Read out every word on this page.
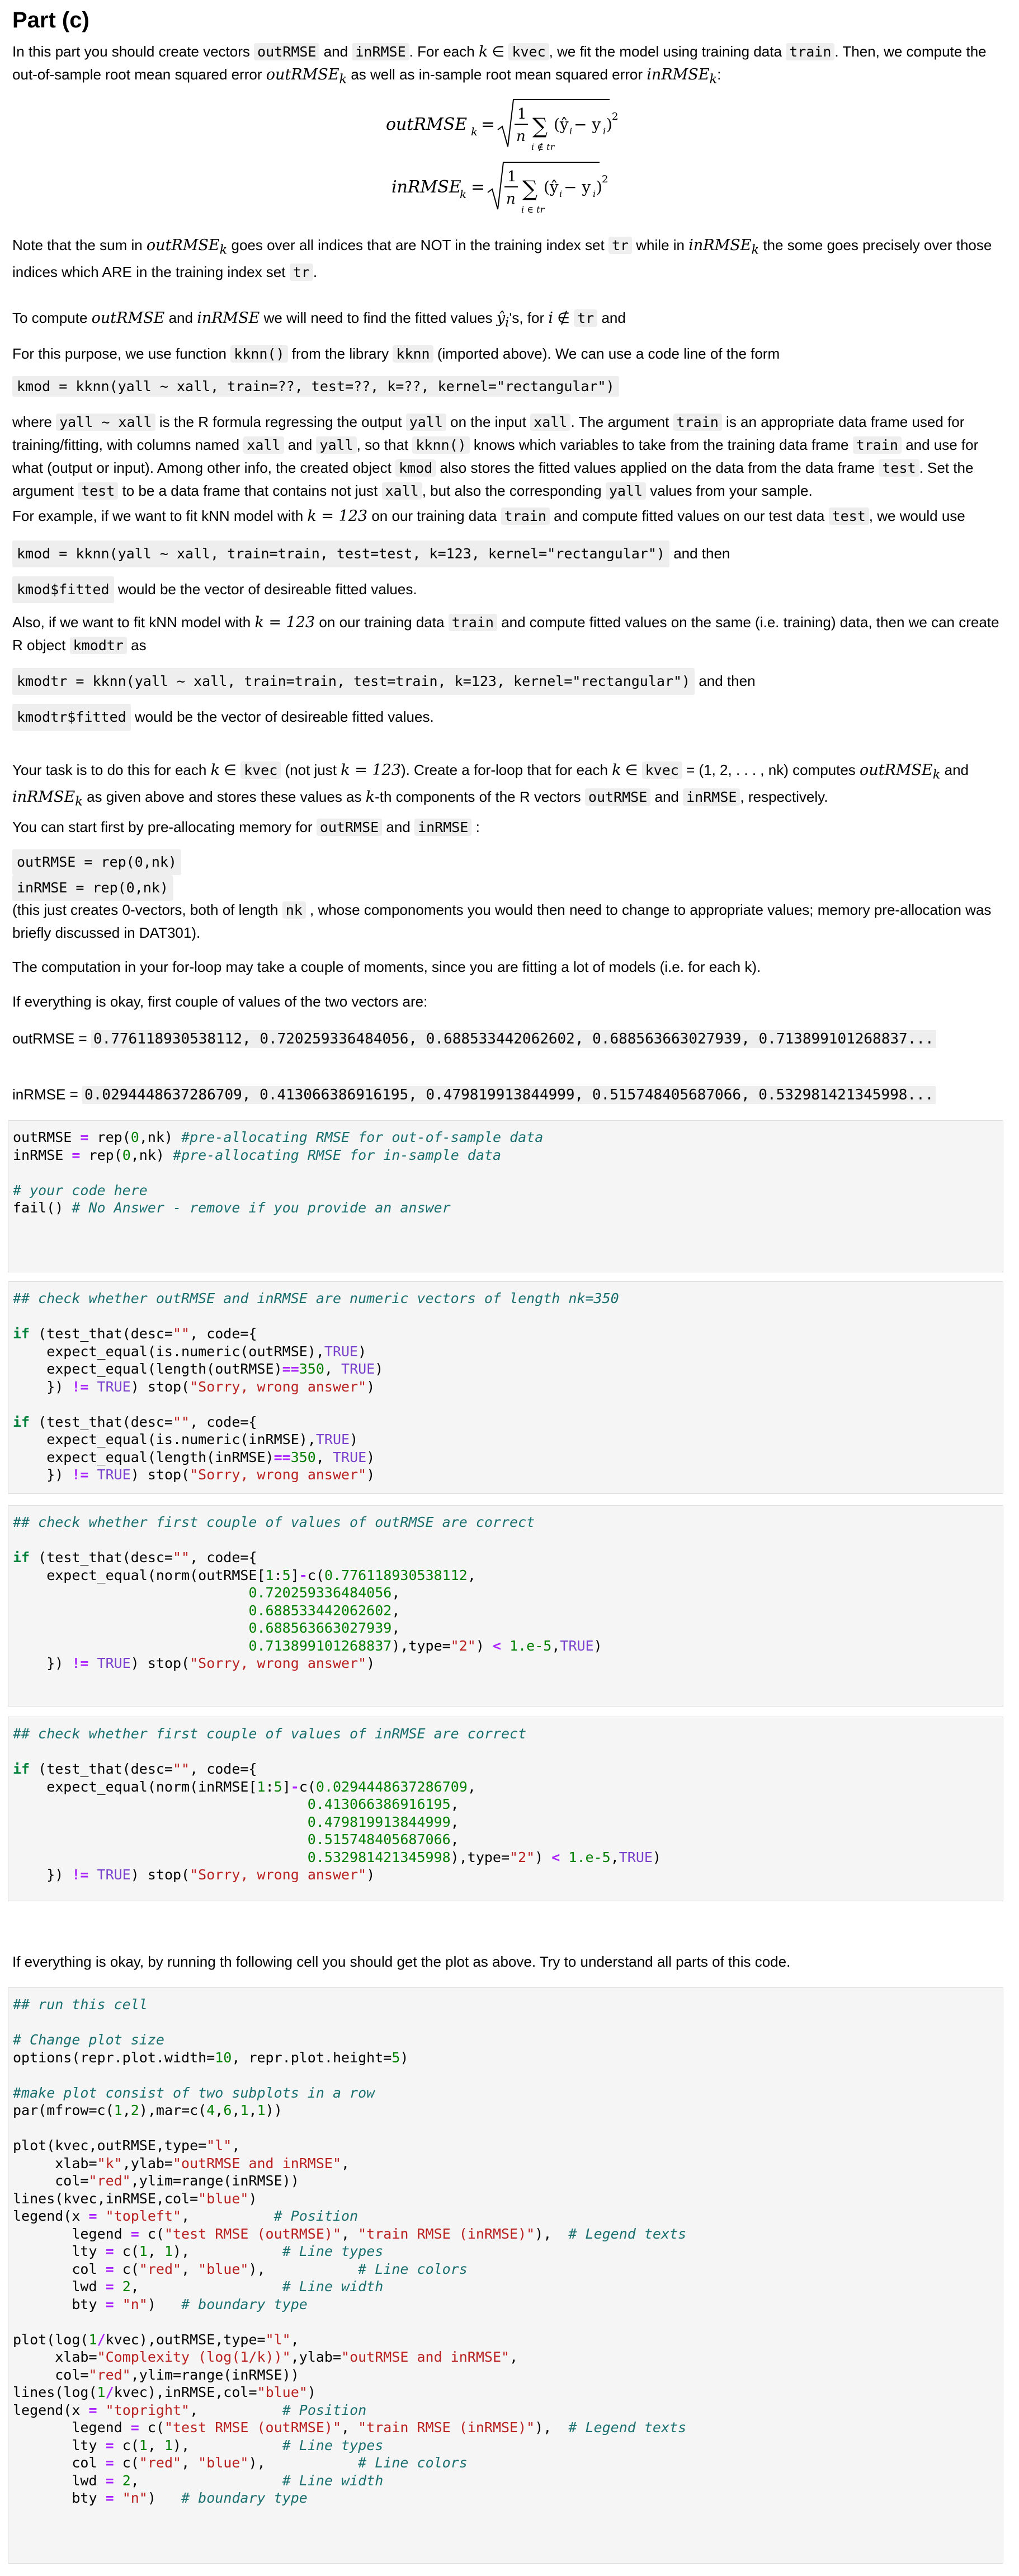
Part (c)
In this part you should create vectors outRMSE and inRMSE . For each k ∈ kvec , we fit the model using training data train . Then, we compute the
out-of-sample root mean squared error outRMSE$_k$ as well as in-sample root mean squared error inRMSE$_k$:
outRMSE k =
1
n ∑
i ∉ tr
(ŷ i − y i ) 2
inRMSE
k =
1
n ∑
i ∈ tr
(ŷ i − y i ) 2
Note that the sum in outRMSE$_k$ goes over all indices that are NOT in the training index set tr while in inRMSE$_k$ the some goes precisely over those
indices which ARE in the training index set tr .
To compute outRMSE and inRMSE we will need to find the fitted values $ŷ_i's$, for i ∉ tr and
For this purpose, we use function kknn() from the library kknn (imported above). We can use a code line of the form
kmod = kknn(yall ~ xall, train=??, test=??, k=??, kernel="rectangular")
where yall ~ xall is the R formula regressing the output yall on the input xall . The argument train is an appropriate data frame used for
training/fitting, with columns named xall and yall , so that kknn() knows which variables to take from the training data frame train and use for
what (output or input). Among other info, the created object kmod also stores the fitted values applied on the data from the data frame test . Set the
argument test to be a data frame that contains not just xall , but also the corresponding yall values from your sample.
For example, if we want to fit kNN model with k = 123 on our training data train and compute fitted values on our test data test , we would use
kmod = kknn(yall ~ xall, train=train, test=test, k=123, kernel="rectangular") and then
kmod$fitted would be the vector of desireable fitted values.
Also, if we want to fit kNN model with k = 123 on our training data train and compute fitted values on the same (i.e. training) data, then we can create
R object kmodtr as
kmodtr = kknn(yall ~ xall, train=train, test=train, k=123, kernel="rectangular") and then
kmodtr$fitted would be the vector of desireable fitted values.
Your task is to do this for each k ∈ kvec (not just k = 123). Create a for-loop that for each k ∈ kvec = (1, 2, . . . , nk) computes outRMSE$_k$ and
inRMSE$_k$ as given above and stores these values as k-th components of the R vectors outRMSE and inRMSE , respectively.
You can start first by pre-allocating memory for outRMSE and inRMSE :
outRMSE = rep(0,nk)
inRMSE = rep(0,nk)
(this just creates 0-vectors, both of length nk , whose componoments you would then need to change to appropriate values; memory pre-allocation was
briefly discussed in DAT301).
The computation in your for-loop may take a couple of moments, since you are fitting a lot of models (i.e. for each k).
If everything is okay, first couple of values of the two vectors are:
outRMSE = 0.776118930538112, 0.720259336484056, 0.688533442062602, 0.688563663027939, 0.713899101268837...
inRMSE = 0.0294448637286709, 0.413066386916195, 0.479819913844999, 0.515748405687066, 0.532981421345998...
outRMSE = rep(0,nk) #pre-allocating RMSE for out-of-sample data
inRMSE = rep(0,nk) #pre-allocating RMSE for in-sample data

# your code here
fail() # No Answer - remove if you provide an answer

## check whether outRMSE and inRMSE are numeric vectors of length nk=350

if (test_that(desc="", code={
expect_equal(is.numeric(outRMSE),TRUE)
expect_equal(length(outRMSE)==350, TRUE)
}) != TRUE) stop("Sorry, wrong answer")

if (test_that(desc="", code={
expect_equal(is.numeric(inRMSE),TRUE)
expect_equal(length(inRMSE)==350, TRUE)
}) != TRUE) stop("Sorry, wrong answer")

## check whether first couple of values of outRMSE are correct

if (test_that(desc="", code={
expect_equal(norm(outRMSE[1:5]-c(0.776118930538112,
0.720259336484056,
0.688533442062602,
0.688563663027939,
0.713899101268837),type="2") < 1.e-5,TRUE)
}) != TRUE) stop("Sorry, wrong answer")

## check whether first couple of values of inRMSE are correct

if (test_that(desc="", code={
expect_equal(norm(inRMSE[1:5]-c(0.0294448637286709,
0.413066386916195,
0.479819913844999,
0.515748405687066,
0.532981421345998),type="2") < 1.e-5,TRUE)
}) != TRUE) stop("Sorry, wrong answer")

If everything is okay, by running th following cell you should get the plot as above. Try to understand all parts of this code.
## run this cell

# Change plot size
options(repr.plot.width=10, repr.plot.height=5)

#make plot consist of two subplots in a row
par(mfrow=c(1,2),mar=c(4,6,1,1))

plot(kvec,outRMSE,type="l",
xlab="k",ylab="outRMSE and inRMSE",
col="red",ylim=range(inRMSE))
lines(kvec,inRMSE,col="blue")
legend(x = "topleft",          # Position
legend = c("test RMSE (outRMSE)", "train RMSE (inRMSE)"),  # Legend texts
lty = c(1, 1),           # Line types
col = c("red", "blue"),           # Line colors
lwd = 2,                 # Line width
bty = "n")   # boundary type

plot(log(1/kvec),outRMSE,type="l",
xlab="Complexity (log(1/k))",ylab="outRMSE and inRMSE",
col="red",ylim=range(inRMSE))
lines(log(1/kvec),inRMSE,col="blue")
legend(x = "topright",          # Position
legend = c("test RMSE (outRMSE)", "train RMSE (inRMSE)"),  # Legend texts
lty = c(1, 1),           # Line types
col = c("red", "blue"),           # Line colors
lwd = 2,                 # Line width
bty = "n")   # boundary type
